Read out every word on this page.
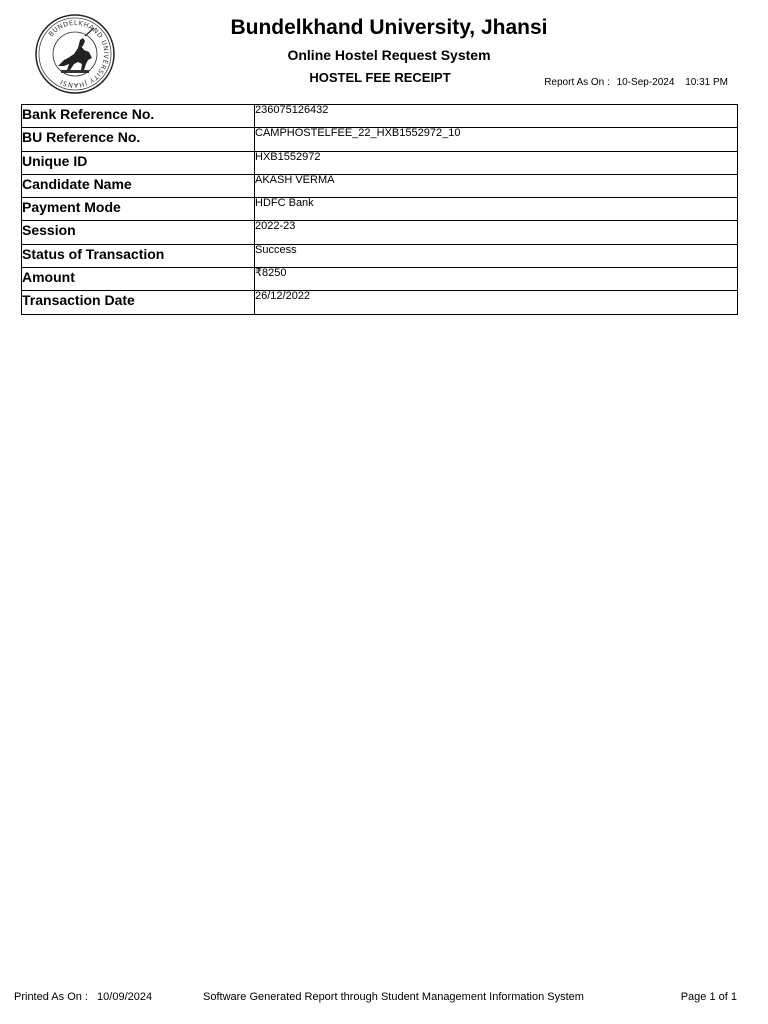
BUNDELKHAND UNIVERSITY JHANSI
Bundelkhand University, Jhansi
Online Hostel Request System
HOSTEL FEE RECEIPT	Report As On : 10-Sep-2024 10:31 PM
Bank Reference No.	236075126432
BU Reference No.	CAMPHOSTELFEE_22_HXB1552972_10
Unique ID	HXB1552972
Candidate Name	AKASH VERMA
Payment Mode	HDFC Bank
Session	2022-23
Status of Transaction	Success
Amount	₹8250
Transaction Date	26/12/2022
Printed As On : 10/09/2024	Software Generated Report through Student Management Information System	Page 1 of 1
